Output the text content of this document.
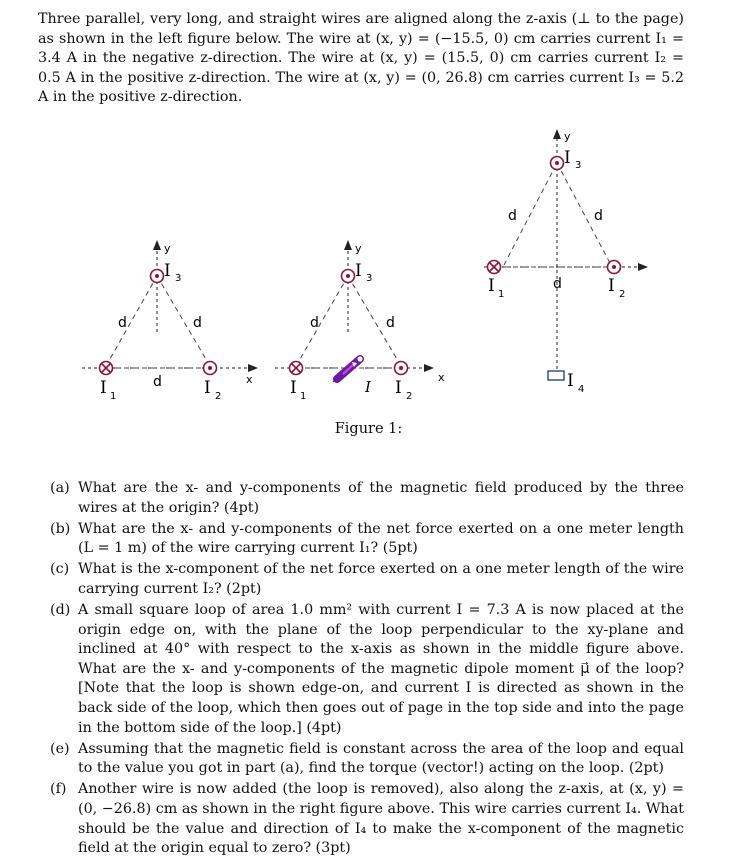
Three parallel, very long, and straight wires are aligned along the z-axis (⊥ to the page) as shown in the left figure below. The wire at (x, y) = (−15.5, 0) cm carries current I₁ = 3.4 A in the negative z-direction. The wire at (x, y) = (15.5, 0) cm carries current I₂ = 0.5 A in the positive z-direction. The wire at (x, y) = (0, 26.8) cm carries current I₃ = 5.2 A in the positive z-direction.
y
x
d	d
d
I 3
I 1	I 2
y
x
d	d
I
I 3
I 1	I 2
y
d	d
d
I 3
I 1	I 2
I 4
Figure 1:
(a) What are the x- and y-components of the magnetic field produced by the three wires at the origin? (4pt)
(b) What are the x- and y-components of the net force exerted on a one meter length (L = 1 m) of the wire carrying current I₁? (5pt)
(c) What is the x-component of the net force exerted on a one meter length of the wire carrying current I₂? (2pt)
(d) A small square loop of area 1.0 mm² with current I = 7.3 A is now placed at the origin edge on, with the plane of the loop perpendicular to the xy-plane and inclined at 40° with respect to the x-axis as shown in the middle figure above. What are the x- and y-components of the magnetic dipole moment μ⃗ of the loop? [Note that the loop is shown edge-on, and current I is directed as shown in the back side of the loop, which then goes out of page in the top side and into the page in the bottom side of the loop.] (4pt)
(e) Assuming that the magnetic field is constant across the area of the loop and equal to the value you got in part (a), find the torque (vector!) acting on the loop. (2pt)
(f) Another wire is now added (the loop is removed), also along the z-axis, at (x, y) = (0, −26.8) cm as shown in the right figure above. This wire carries current I₄. What should be the value and direction of I₄ to make the x-component of the magnetic field at the origin equal to zero? (3pt)
